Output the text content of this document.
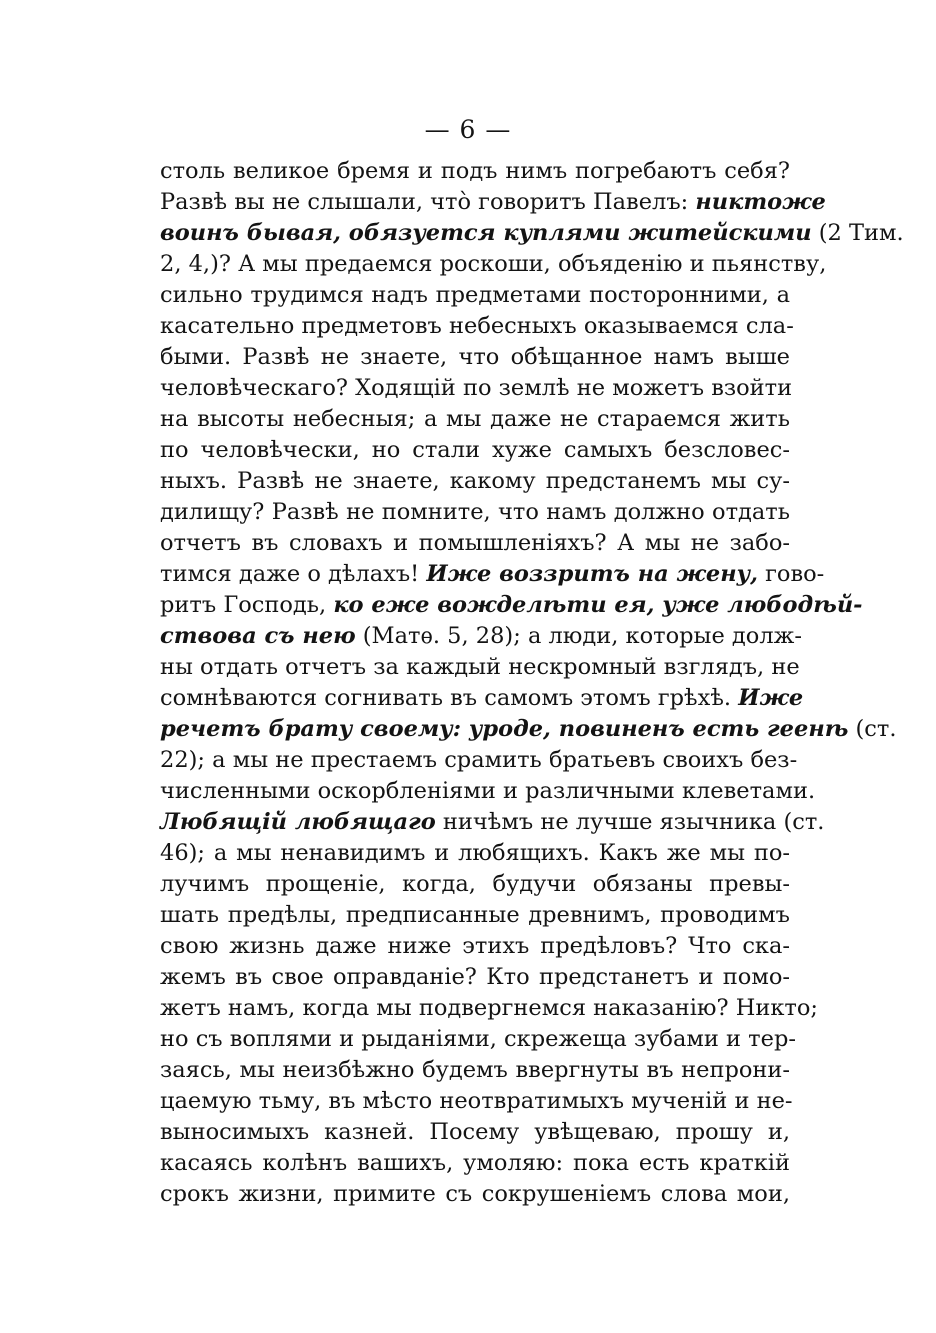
— 6 —
столь великое бремя и подъ нимъ погребаютъ себя?
Развѣ вы не слышали, что̀ говоритъ Павелъ: никтоже
воинъ бывая, обязуется куплями житейскими (2 Тим.
2, 4,)? А мы предаемся роскоши, объяденію и пьянству,
сильно трудимся надъ предметами посторонними, а
касательно предметовъ небесныхъ оказываемся сла-
быми. Развѣ не знаете, что обѣщанное намъ выше
человѣческаго? Ходящій по землѣ не можетъ взойти
на высоты небесныя; а мы даже не стараемся жить
по человѣчески, но стали хуже самыхъ безсловес-
ныхъ. Развѣ не знаете, какому предстанемъ мы су-
дилищу? Развѣ не помните, что намъ должно отдать
отчетъ въ словахъ и помышленіяхъ? А мы не забо-
тимся даже о дѣлахъ! Иже воззритъ на жену, гово-
ритъ Господь, ко еже вожделѣти ея, уже любодѣй-
ствова съ нею (Матѳ. 5, 28); а люди, которые долж-
ны отдать отчетъ за каждый нескромный взглядъ, не
сомнѣваются согнивать въ самомъ этомъ грѣхѣ. Иже
речетъ брату своему: уроде, повиненъ есть геенѣ (ст.
22); а мы не престаемъ срамить братьевъ своихъ без-
численными оскорбленіями и различными клеветами.
Любящій любящаго ничѣмъ не лучше язычника (ст.
46); а мы ненавидимъ и любящихъ. Какъ же мы по-
лучимъ прощеніе, когда, будучи обязаны превы-
шать предѣлы, предписанные древнимъ, проводимъ
свою жизнь даже ниже этихъ предѣловъ? Что ска-
жемъ въ свое оправданіе? Кто предстанетъ и помо-
жетъ намъ, когда мы подвергнемся наказанію? Никто;
но съ воплями и рыданіями, скрежеща зубами и тер-
заясь, мы неизбѣжно будемъ ввергнуты въ непрони-
цаемую тьму, въ мѣсто неотвратимыхъ мученій и не-
выносимыхъ казней. Посему увѣщеваю, прошу и,
касаясь колѣнъ вашихъ, умоляю: пока есть краткій
срокъ жизни, примите съ сокрушеніемъ слова мои,
